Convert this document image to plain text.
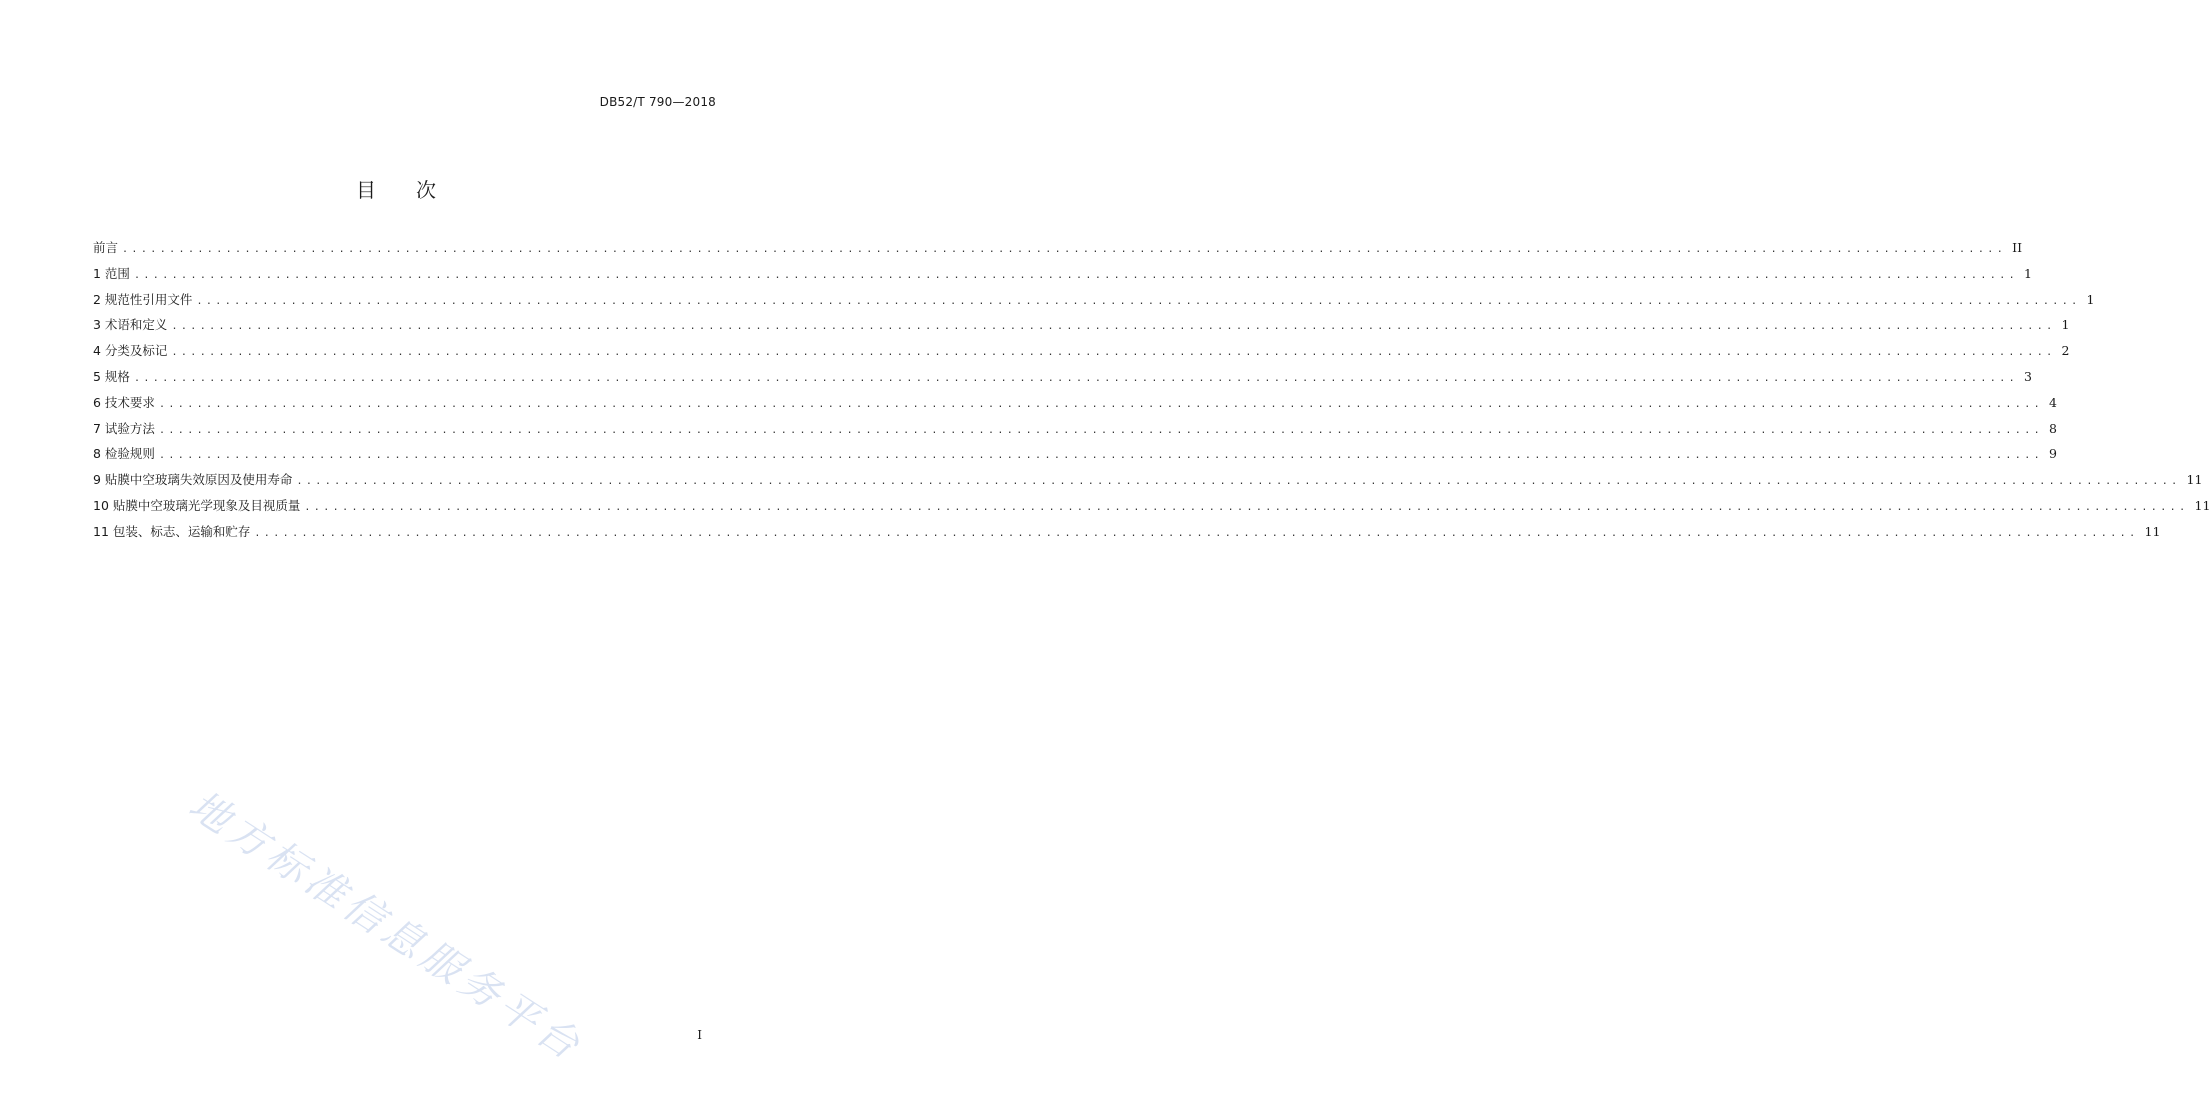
DB52/T 790—2018
目次
前言 ........................................................................................................................................................................................................ II
1 范围 ........................................................................................................................................................................................................ 1
2 规范性引用文件 ........................................................................................................................................................................................................ 1
3 术语和定义 ........................................................................................................................................................................................................ 1
4 分类及标记 ........................................................................................................................................................................................................ 2
5 规格 ........................................................................................................................................................................................................ 3
6 技术要求 ........................................................................................................................................................................................................ 4
7 试验方法 ........................................................................................................................................................................................................ 8
8 检验规则 ........................................................................................................................................................................................................ 9
9 贴膜中空玻璃失效原因及使用寿命 ........................................................................................................................................................................................................ 11
10 贴膜中空玻璃光学现象及目视质量 ........................................................................................................................................................................................................ 11
11 包装、标志、运输和贮存 ........................................................................................................................................................................................................ 11
地方标准信息服务平台	I
